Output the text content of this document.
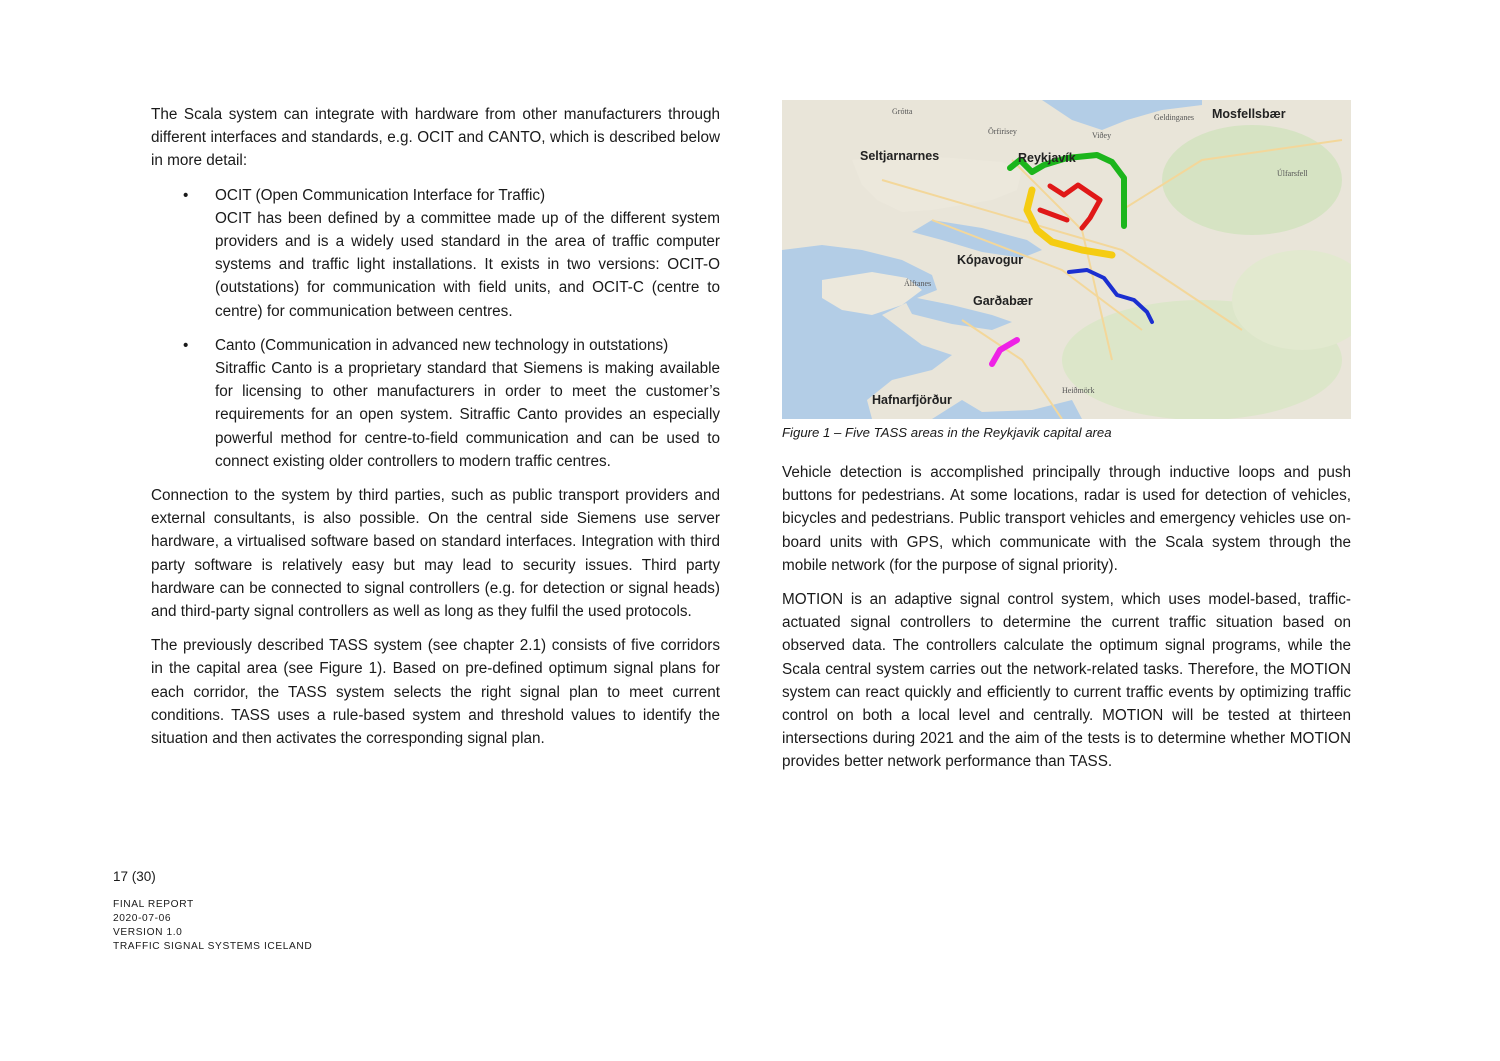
The Scala system can integrate with hardware from other manufacturers through different interfaces and standards, e.g. OCIT and CANTO, which is described below in more detail:

• OCIT (Open Communication Interface for Traffic)
OCIT has been defined by a committee made up of the different system providers and is a widely used standard in the area of traffic computer systems and traffic light installations. It exists in two versions: OCIT-O (outstations) for communication with field units, and OCIT-C (centre to centre) for communication between centres.
• Canto (Communication in advanced new technology in outstations)
Sitraffic Canto is a proprietary standard that Siemens is making available for licensing to other manufacturers in order to meet the customer’s requirements for an open system. Sitraffic Canto provides an especially powerful method for centre-to-field communication and can be used to connect existing older controllers to modern traffic centres.

Connection to the system by third parties, such as public transport providers and external consultants, is also possible. On the central side Siemens use server hardware, a virtualised software based on standard interfaces. Integration with third party software is relatively easy but may lead to security issues. Third party hardware can be connected to signal controllers (e.g. for detection or signal heads) and third-party signal controllers as well as long as they fulfil the used protocols.

The previously described TASS system (see chapter 2.1) consists of five corridors in the capital area (see Figure 1). Based on pre-defined optimum signal plans for each corridor, the TASS system selects the right signal plan to meet current conditions. TASS uses a rule-based system and threshold values to identify the situation and then activates the corresponding signal plan.

Mosfellsbær
Seltjarnarnes	Reykjavík
Kópavogur
Garðabær
Hafnarfjörður
Grótta
Örfirisey	Viðey
Geldinganes
Úlfarsfell
Álftanes
Heiðmörk
Figure 1 – Five TASS areas in the Reykjavik capital area

Vehicle detection is accomplished principally through inductive loops and push buttons for pedestrians. At some locations, radar is used for detection of vehicles, bicycles and pedestrians. Public transport vehicles and emergency vehicles use on-board units with GPS, which communicate with the Scala system through the mobile network (for the purpose of signal priority).

MOTION is an adaptive signal control system, which uses model-based, traffic-actuated signal controllers to determine the current traffic situation based on observed data. The controllers calculate the optimum signal programs, while the Scala central system carries out the network-related tasks. Therefore, the MOTION system can react quickly and efficiently to current traffic events by optimizing traffic control on both a local level and centrally. MOTION will be tested at thirteen intersections during 2021 and the aim of the tests is to determine whether MOTION provides better network performance than TASS.

17 (30)
FINAL REPORT
2020-07-06
VERSION 1.0
TRAFFIC SIGNAL SYSTEMS ICELAND
